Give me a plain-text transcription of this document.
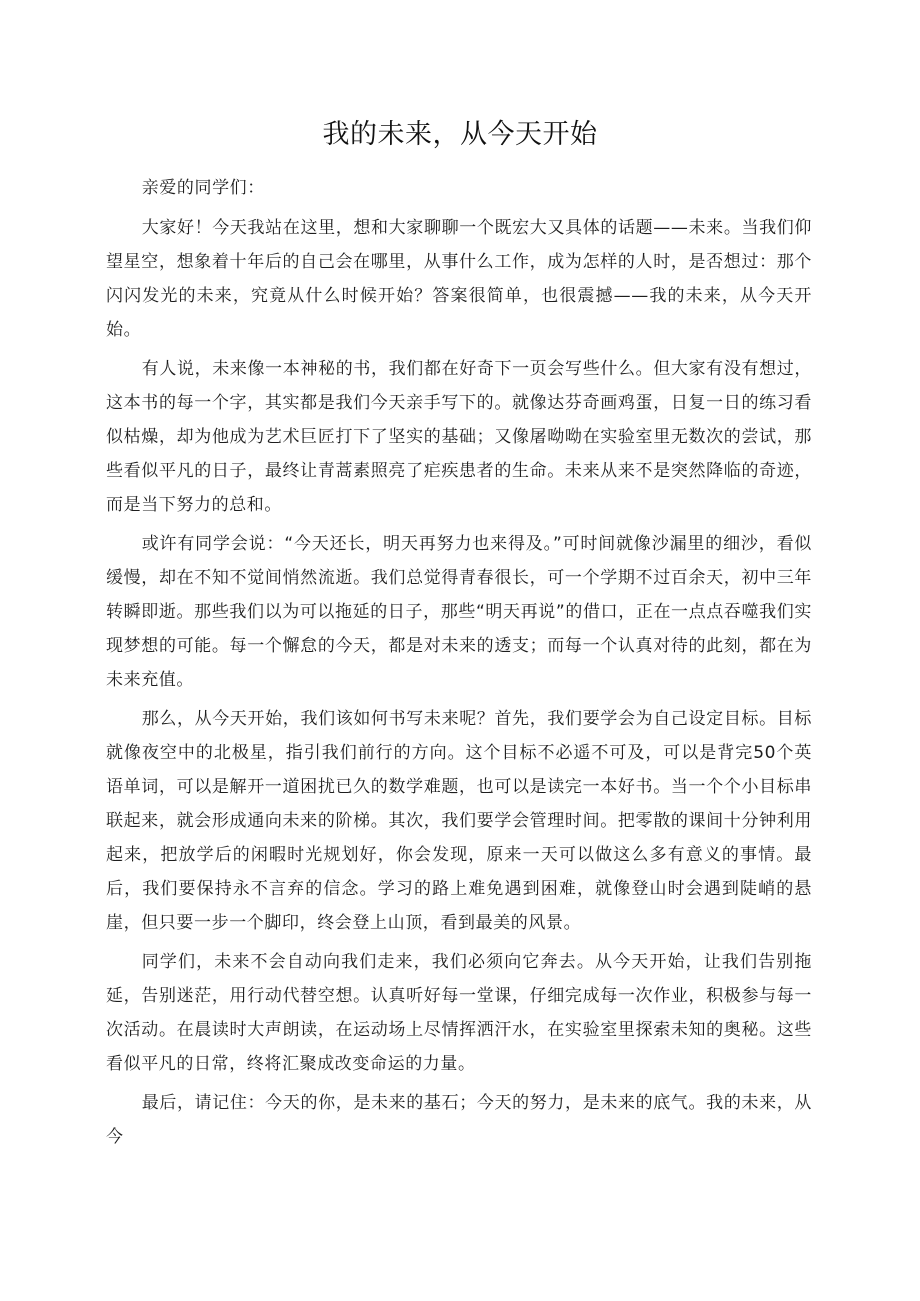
我的未来，从今天开始

亲爱的同学们：

大家好！今天我站在这里，想和大家聊聊一个既宏大又具体的话题——未来。当我们仰望星空，想象着十年后的自己会在哪里，从事什么工作，成为怎样的人时，是否想过：那个闪闪发光的未来，究竟从什么时候开始？答案很简单，也很震撼——我的未来，从今天开始。

有人说，未来像一本神秘的书，我们都在好奇下一页会写些什么。但大家有没有想过，这本书的每一个字，其实都是我们今天亲手写下的。就像达芬奇画鸡蛋，日复一日的练习看似枯燥，却为他成为艺术巨匠打下了坚实的基础；又像屠呦呦在实验室里无数次的尝试，那些看似平凡的日子，最终让青蒿素照亮了疟疾患者的生命。未来从来不是突然降临的奇迹，而是当下努力的总和。

或许有同学会说：“今天还长，明天再努力也来得及。”可时间就像沙漏里的细沙，看似缓慢，却在不知不觉间悄然流逝。我们总觉得青春很长，可一个学期不过百余天，初中三年转瞬即逝。那些我们以为可以拖延的日子，那些“明天再说”的借口，正在一点点吞噬我们实现梦想的可能。每一个懈怠的今天，都是对未来的透支；而每一个认真对待的此刻，都在为未来充值。

那么，从今天开始，我们该如何书写未来呢？首先，我们要学会为自己设定目标。目标就像夜空中的北极星，指引我们前行的方向。这个目标不必遥不可及，可以是背完50个英语单词，可以是解开一道困扰已久的数学难题，也可以是读完一本好书。当一个个小目标串联起来，就会形成通向未来的阶梯。其次，我们要学会管理时间。把零散的课间十分钟利用起来，把放学后的闲暇时光规划好，你会发现，原来一天可以做这么多有意义的事情。最后，我们要保持永不言弃的信念。学习的路上难免遇到困难，就像登山时会遇到陡峭的悬崖，但只要一步一个脚印，终会登上山顶，看到最美的风景。

同学们，未来不会自动向我们走来，我们必须向它奔去。从今天开始，让我们告别拖延，告别迷茫，用行动代替空想。认真听好每一堂课，仔细完成每一次作业，积极参与每一次活动。在晨读时大声朗读，在运动场上尽情挥洒汗水，在实验室里探索未知的奥秘。这些看似平凡的日常，终将汇聚成改变命运的力量。

最后，请记住：今天的你，是未来的基石；今天的努力，是未来的底气。我的未来，从今
